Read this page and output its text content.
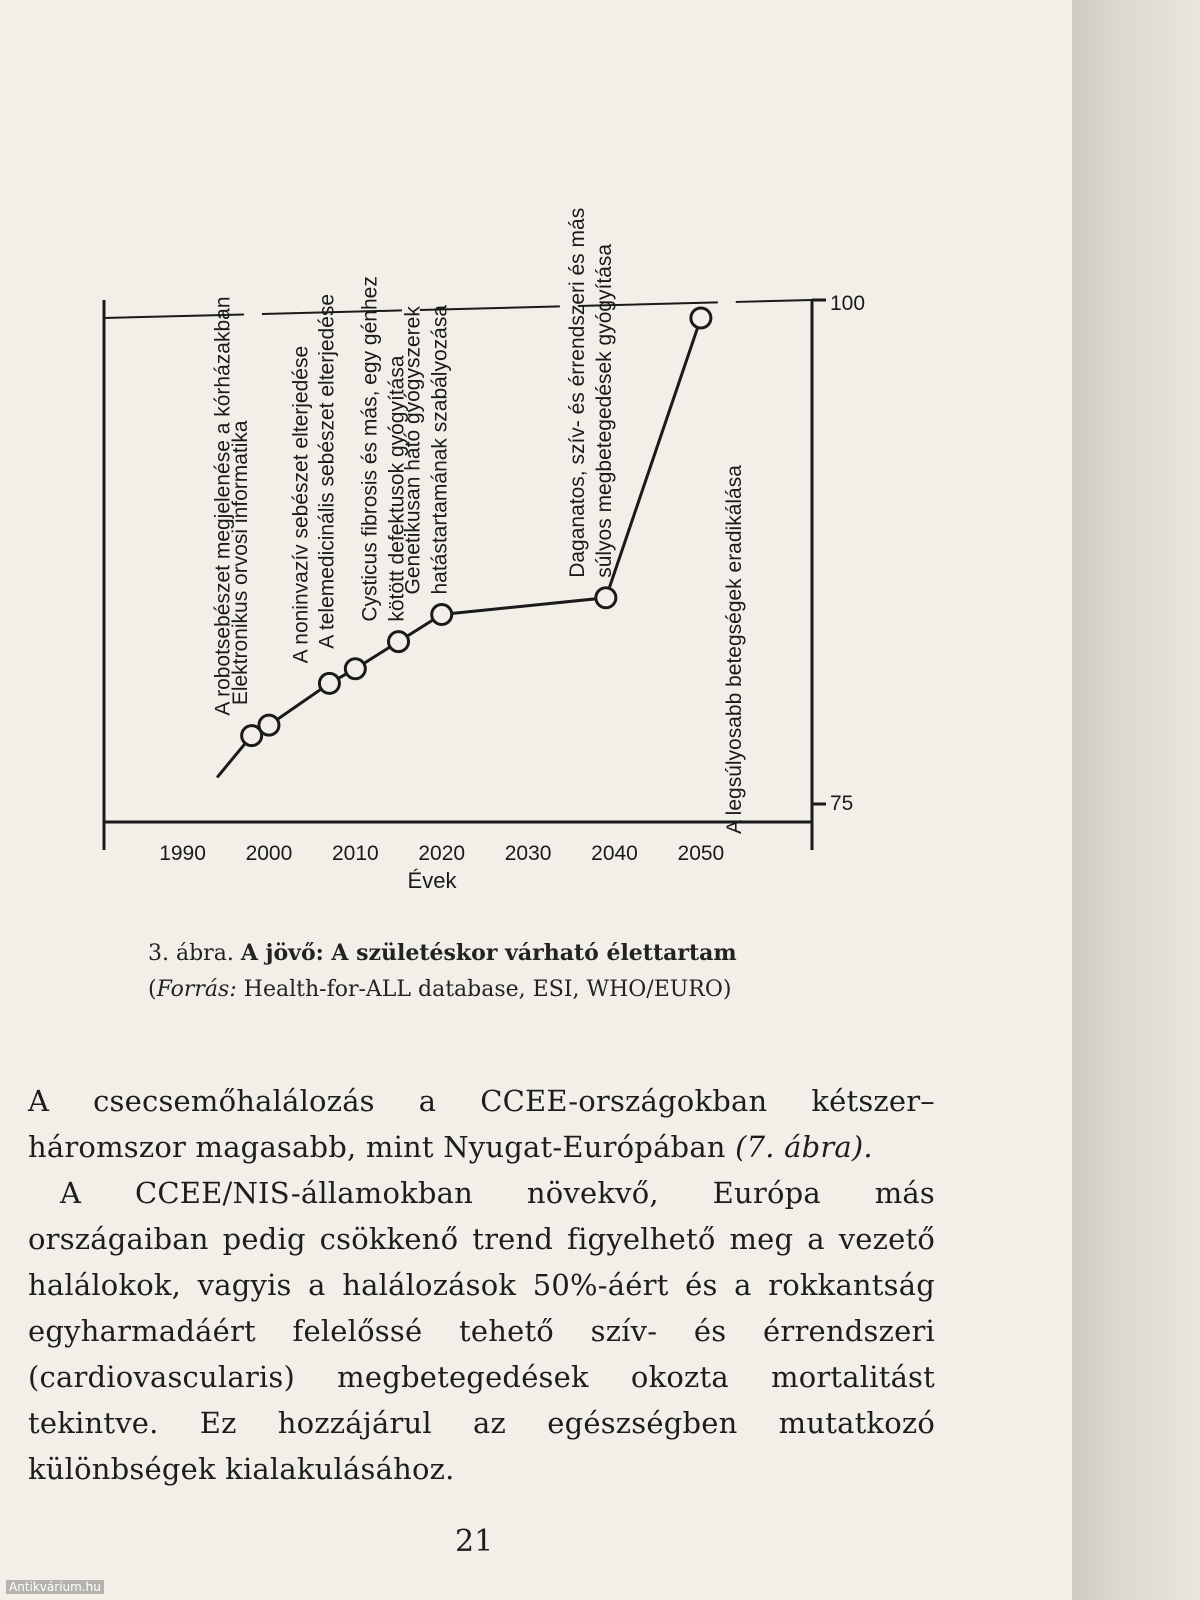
1990 2000 2010 2020 2030 2040 2050
75
100
A robotsebészet megjelenése a kórházakban
Elektronikus orvosi informatika A noninvazív sebészet elterjedése A telemedicinális sebészet elterjedése Cysticus fibrosis és más, egy génhez kötött defektusok gyógyítása
Genetikusan ható gyógyszerek hatástartamának szabályozása	Daganatos, szív- és érrendszeri és más súlyos megbetegedések gyógyítása
A legsúlyosabb betegségek eradikálása
Évek
3. ábra. A jövő: A születéskor várható élettartam
(Forrás: Health-for-ALL database, ESI, WHO/EURO)

A csecsemőhalálozás a CCEE-országokban kétszer–háromszor magasabb, mint Nyugat-Európában (7. ábra).

A CCEE/NIS-államokban növekvő, Európa más országaiban pedig csökkenő trend figyelhető meg a vezető halálokok, vagyis a halálozások 50%-áért és a rokkantság egyharmadáért felelőssé tehető szív- és érrendszeri (cardiovascularis) megbetegedések okozta mortalitást tekintve. Ez hozzájárul az egészségben mutatkozó különbségek kialakulásához.

21
Antikvárium.hu
